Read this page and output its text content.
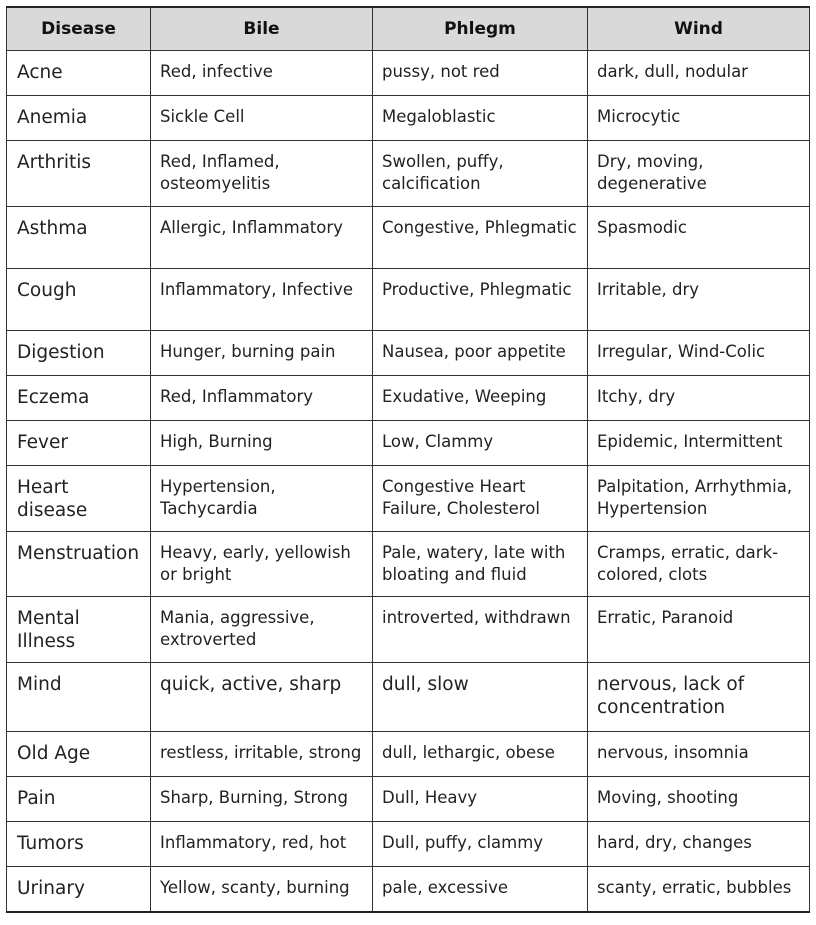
Disease	Bile	Phlegm	Wind
Acne	Red, infective	pussy, not red	dark, dull, nodular
Anemia	Sickle Cell	Megaloblastic	Microcytic
Arthritis	Red, Inflamed, osteomyelitis	Swollen, puffy, calcification	Dry, moving, degenerative
Asthma	Allergic, Inflammatory	Congestive, Phlegmatic	Spasmodic
Cough	Inflammatory, Infective	Productive, Phlegmatic	Irritable, dry
Digestion	Hunger, burning pain	Nausea, poor appetite	Irregular, Wind-Colic
Eczema	Red, Inflammatory	Exudative, Weeping	Itchy, dry
Fever	High, Burning	Low, Clammy	Epidemic, Intermittent
Heart disease	Hypertension, Tachycardia	Congestive Heart Failure, Cholesterol	Palpitation, Arrhythmia, Hypertension
Menstruation	Heavy, early, yellowish or bright	Pale, watery, late with bloating and fluid	Cramps, erratic, dark-colored, clots
Mental Illness	Mania, aggressive, extroverted	introverted, withdrawn	Erratic, Paranoid
Mind	quick, active, sharp	dull, slow	nervous, lack of concentration
Old Age	restless, irritable, strong	dull, lethargic, obese	nervous, insomnia
Pain	Sharp, Burning, Strong	Dull, Heavy	Moving, shooting
Tumors	Inflammatory, red, hot	Dull, puffy, clammy	hard, dry, changes
Urinary	Yellow, scanty, burning	pale, excessive	scanty, erratic, bubbles
